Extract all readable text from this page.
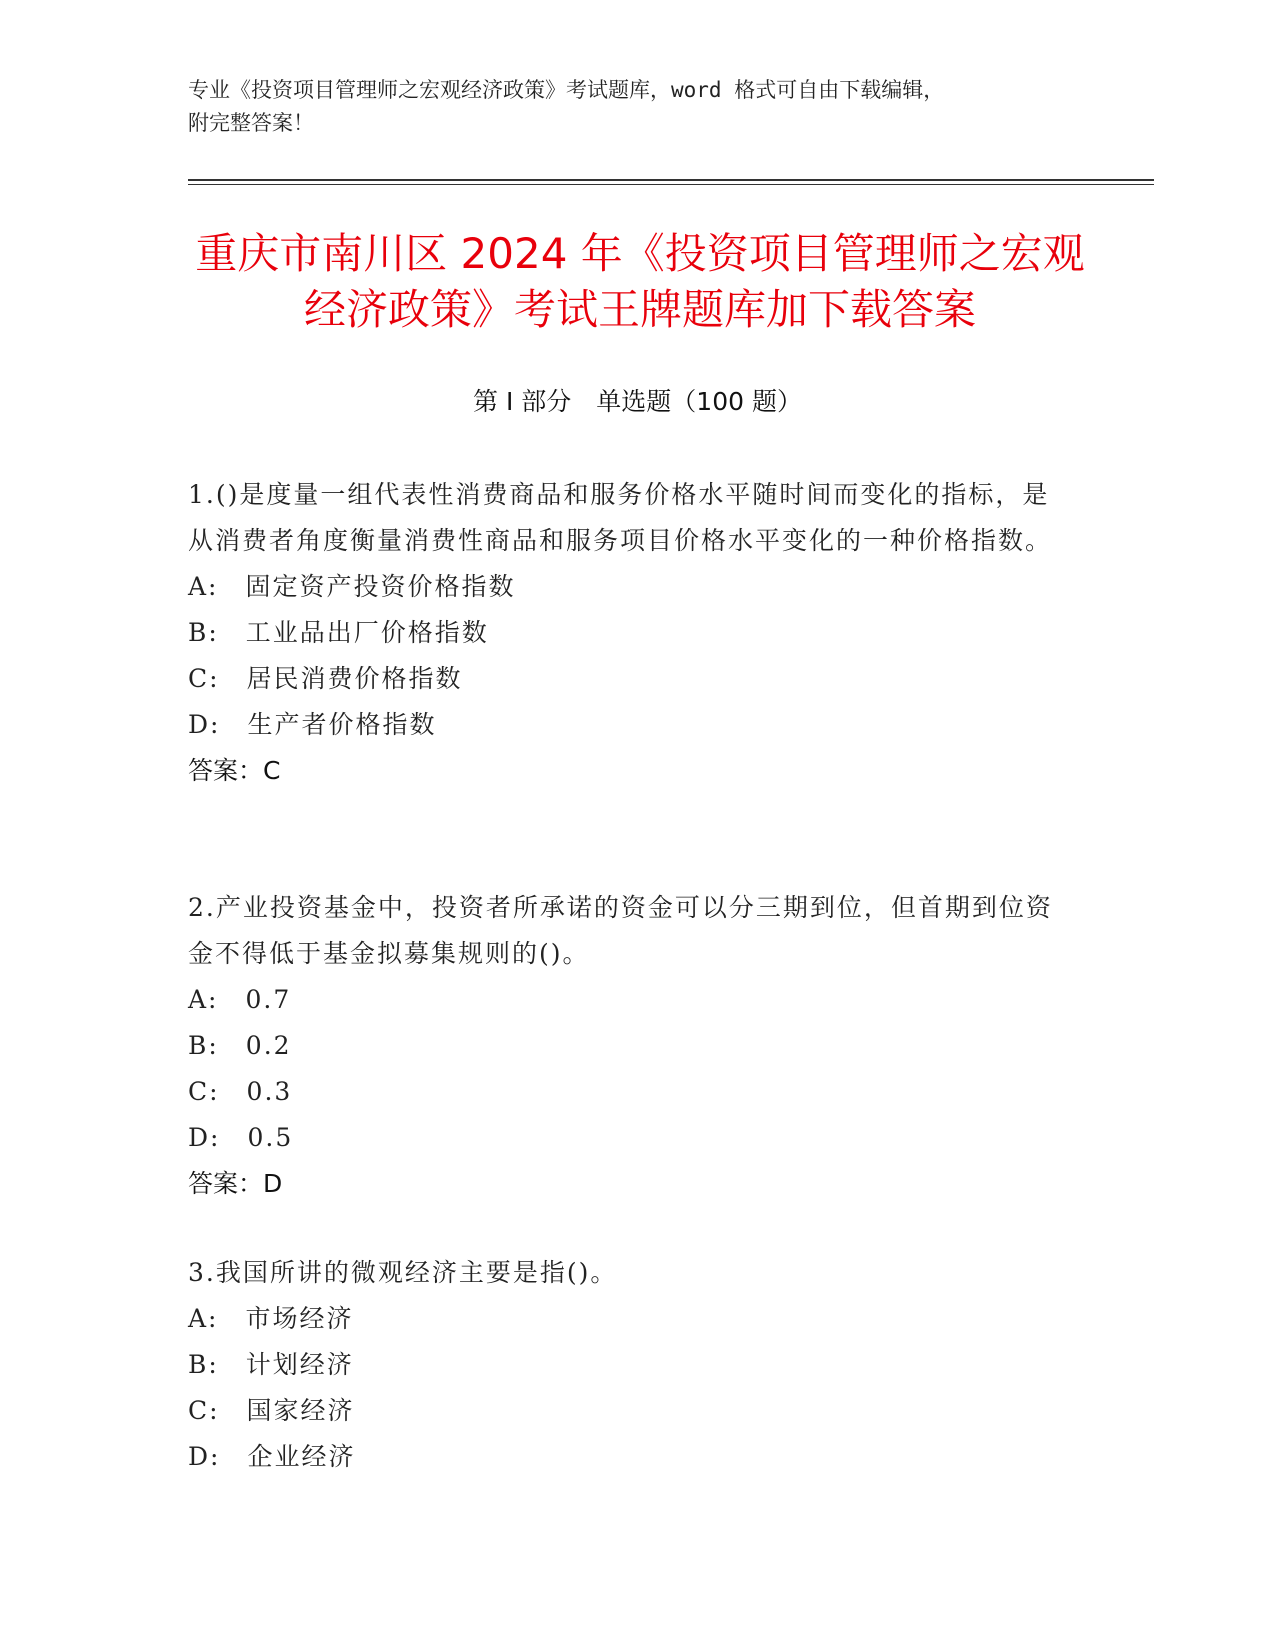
专业《投资项目管理师之宏观经济政策》考试题库，word 格式可自由下载编辑，
附完整答案！
重庆市南川区 2024 年《投资项目管理师之宏观经济政策》考试王牌题库加下载答案
第 I 部分　单选题（100 题）

1.()是度量一组代表性消费商品和服务价格水平随时间而变化的指标，是从消费者角度衡量消费性商品和服务项目价格水平变化的一种价格指数。

A:　固定资产投资价格指数

B:　工业品出厂价格指数

C:　居民消费价格指数

D:　生产者价格指数

答案：C

2.产业投资基金中，投资者所承诺的资金可以分三期到位，但首期到位资金不得低于基金拟募集规则的()。

A:　0.7

B:　0.2

C:　0.3

D:　0.5

答案：D

3.我国所讲的微观经济主要是指()。

A:　市场经济

B:　计划经济

C:　国家经济

D:　企业经济
